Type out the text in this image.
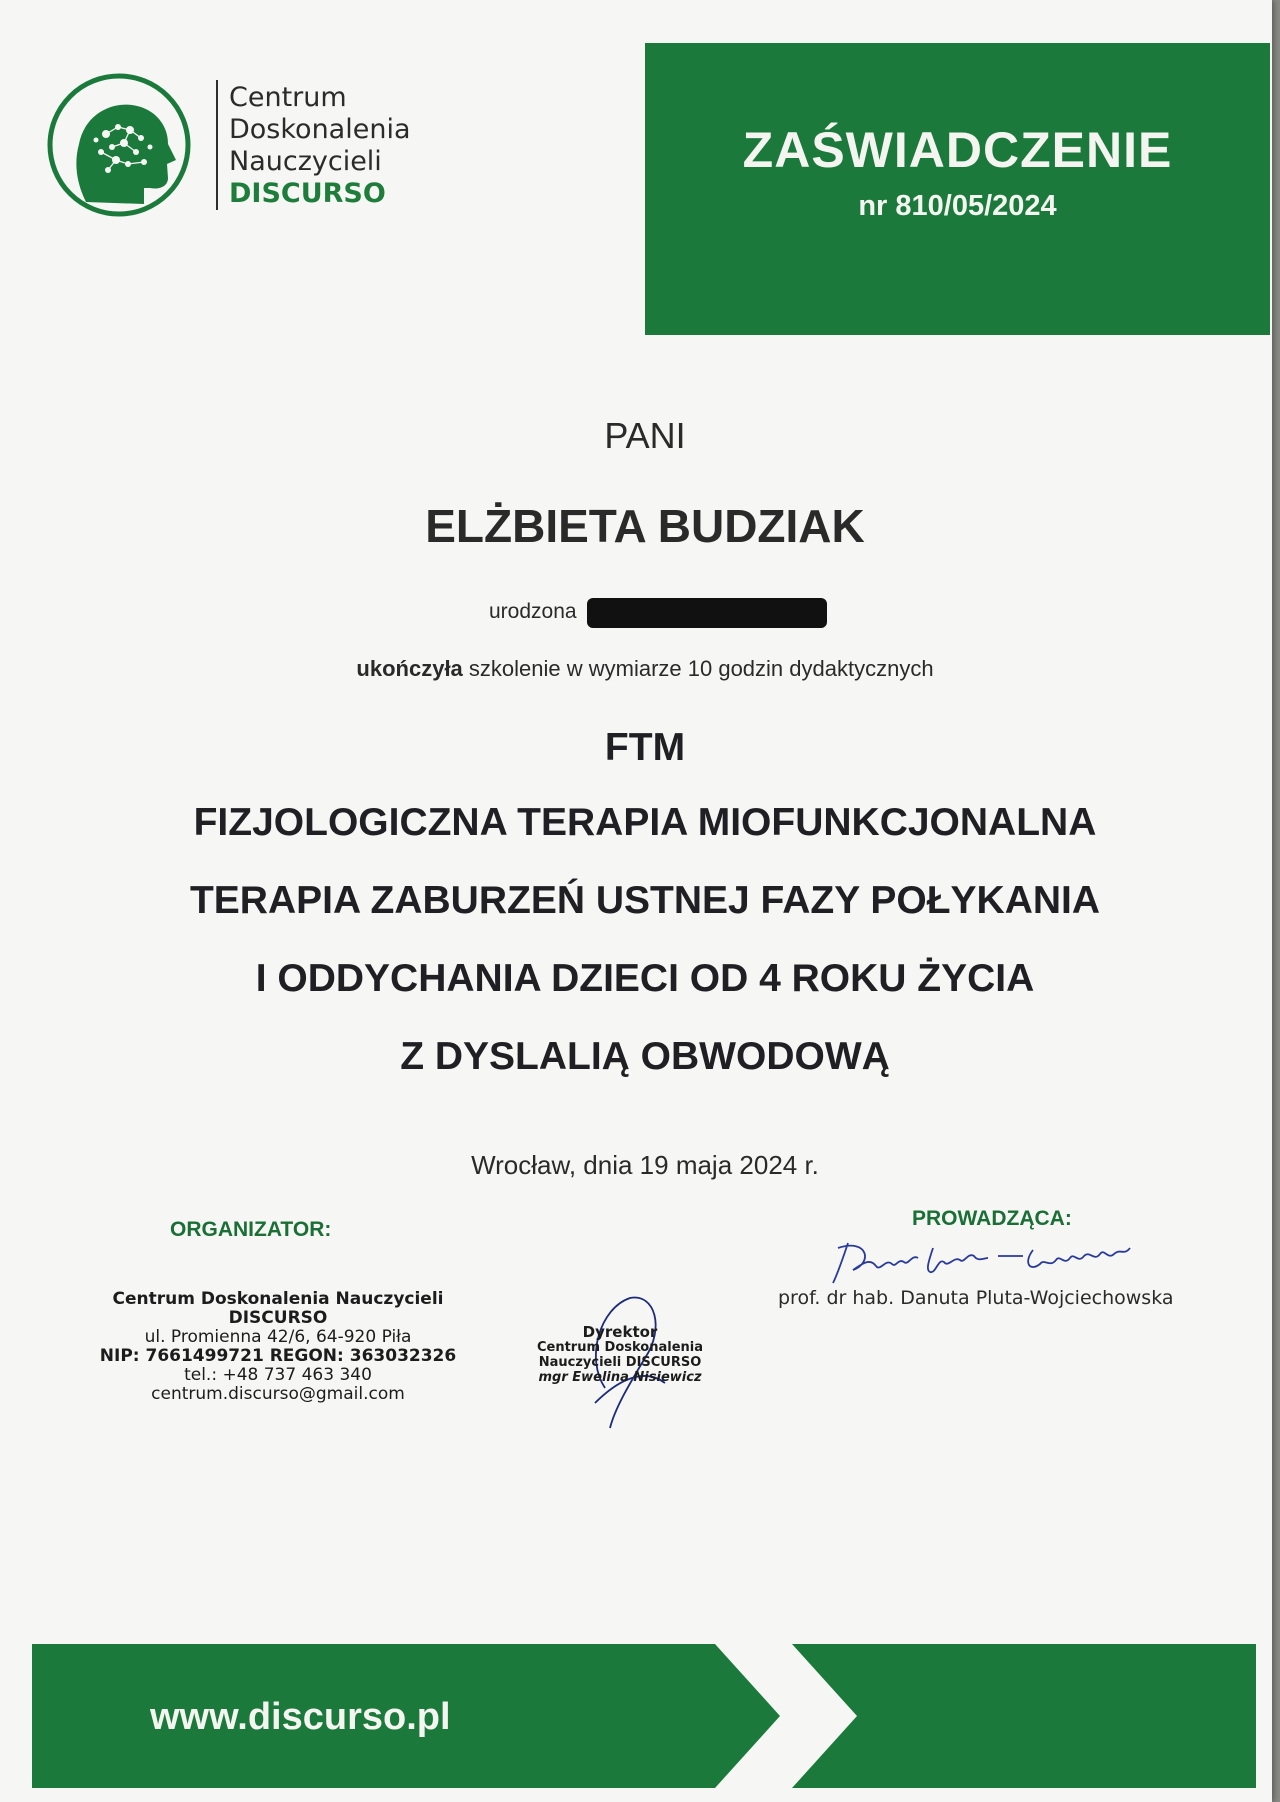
Centrum
Doskonalenia
Nauczycieli
DISCURSO
ZAŚWIADCZENIE
nr 810/05/2024
PANI
ELŻBIETA BUDZIAK
urodzona
ukończyła szkolenie w wymiarze 10 godzin dydaktycznych
FTM
FIZJOLOGICZNA TERAPIA MIOFUNKCJONALNA
TERAPIA ZABURZEŃ USTNEJ FAZY POŁYKANIA
I ODDYCHANIA DZIECI OD 4 ROKU ŻYCIA
Z DYSLALIĄ OBWODOWĄ
Wrocław, dnia 19 maja 2024 r.
ORGANIZATOR:
Centrum Doskonalenia Nauczycieli
DISCURSO
ul. Promienna 42/6, 64-920 Piła
NIP: 7661499721 REGON: 363032326
tel.: +48 737 463 340
centrum.discurso@gmail.com
Dyrektor
Centrum Doskonalenia
Nauczycieli DISCURSO
mgr Ewelina Nisiewicz
PROWADZĄCA:
prof. dr hab. Danuta Pluta-Wojciechowska
www.discurso.pl
